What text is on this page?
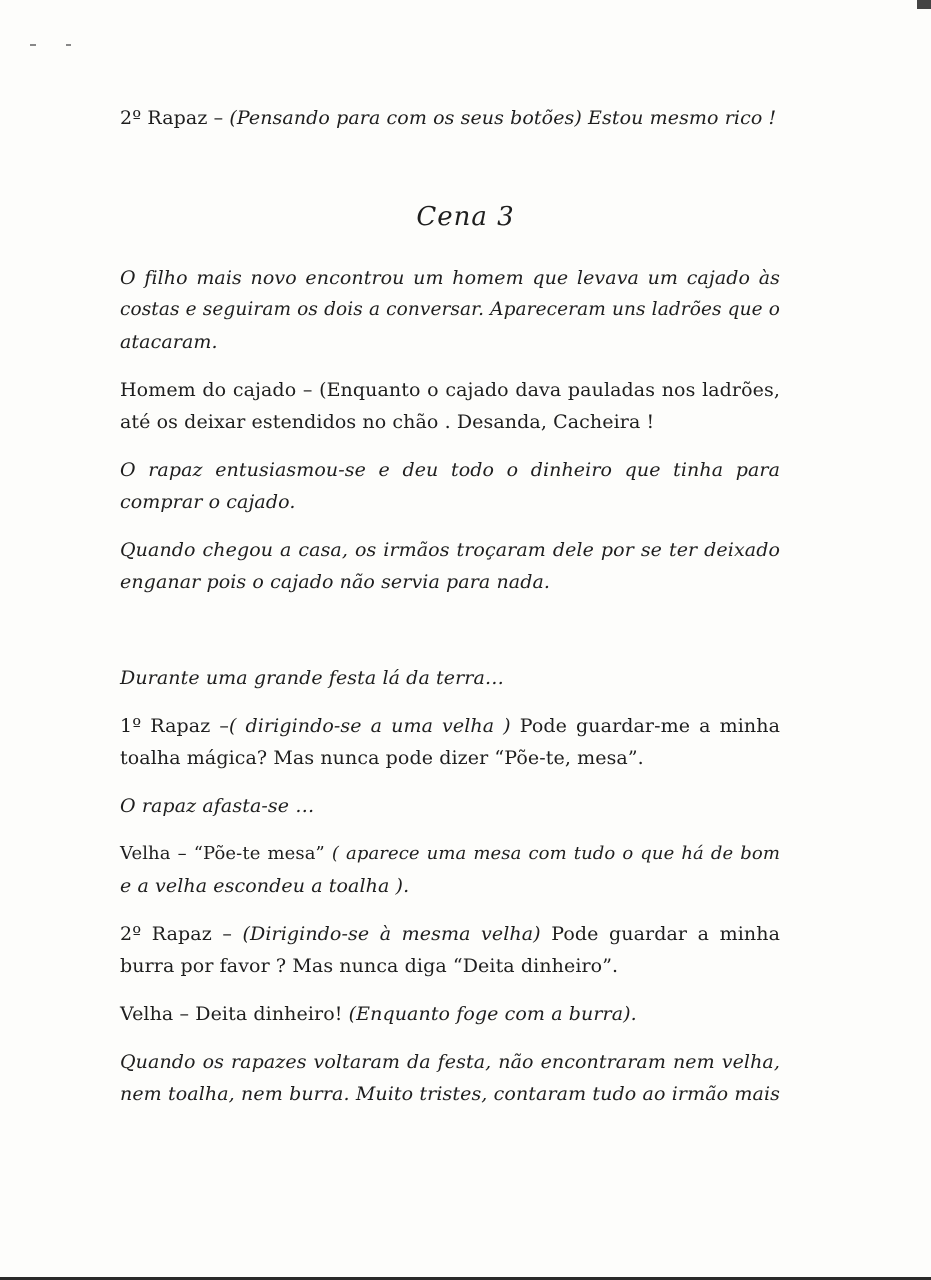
2º Rapaz – (Pensando para com os seus botões) Estou mesmo rico !
Cena 3
O filho mais novo encontrou um homem que levava um cajado às
costas e seguiram os dois a conversar. Apareceram uns ladrões que o
atacaram.
Homem do cajado – (Enquanto o cajado dava pauladas nos ladrões,
até os deixar estendidos no chão . Desanda, Cacheira !
O rapaz entusiasmou-se e deu todo o dinheiro que tinha para
comprar o cajado.
Quando chegou a casa, os irmãos troçaram dele por se ter deixado
enganar pois o cajado não servia para nada.
Durante uma grande festa lá da terra…
1º Rapaz –( dirigindo-se a uma velha ) Pode guardar-me a minha
toalha mágica? Mas nunca pode dizer “Põe-te, mesa”.
O rapaz afasta-se …
Velha – “Põe-te mesa” ( aparece uma mesa com tudo o que há de bom
e a velha escondeu a toalha ).
2º Rapaz – (Dirigindo-se à mesma velha) Pode guardar a minha
burra por favor ? Mas nunca diga “Deita dinheiro”.
Velha – Deita dinheiro! (Enquanto foge com a burra).
Quando os rapazes voltaram da festa, não encontraram nem velha,
nem toalha, nem burra. Muito tristes, contaram tudo ao irmão mais
